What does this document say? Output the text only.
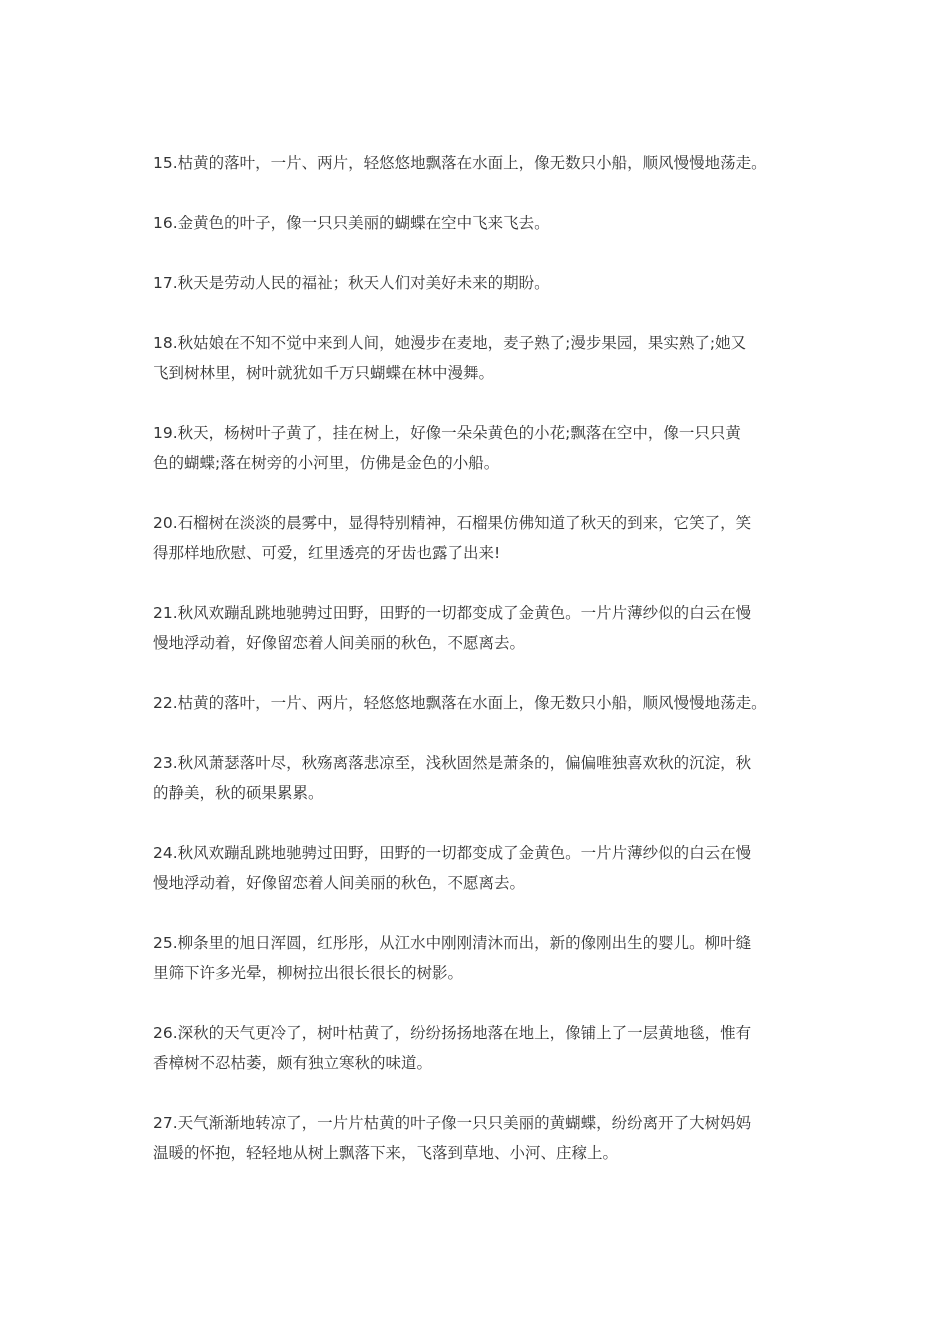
15.枯黄的落叶，一片、两片，轻悠悠地飘落在水面上，像无数只小船，顺风慢慢地荡走。

16.金黄色的叶子，像一只只美丽的蝴蝶在空中飞来飞去。

17.秋天是劳动人民的福祉；秋天人们对美好未来的期盼。

18.秋姑娘在不知不觉中来到人间，她漫步在麦地，麦子熟了;漫步果园，果实熟了;她又
飞到树林里，树叶就犹如千万只蝴蝶在林中漫舞。

19.秋天，杨树叶子黄了，挂在树上，好像一朵朵黄色的小花;飘落在空中，像一只只黄
色的蝴蝶;落在树旁的小河里，仿佛是金色的小船。

20.石榴树在淡淡的晨雾中，显得特别精神，石榴果仿佛知道了秋天的到来，它笑了，笑
得那样地欣慰、可爱，红里透亮的牙齿也露了出来!

21.秋风欢蹦乱跳地驰骋过田野，田野的一切都变成了金黄色。一片片薄纱似的白云在慢
慢地浮动着，好像留恋着人间美丽的秋色，不愿离去。

22.枯黄的落叶，一片、两片，轻悠悠地飘落在水面上，像无数只小船，顺风慢慢地荡走。

23.秋风萧瑟落叶尽，秋殇离落悲凉至，浅秋固然是萧条的，偏偏唯独喜欢秋的沉淀，秋
的静美，秋的硕果累累。

24.秋风欢蹦乱跳地驰骋过田野，田野的一切都变成了金黄色。一片片薄纱似的白云在慢
慢地浮动着，好像留恋着人间美丽的秋色，不愿离去。

25.柳条里的旭日浑圆，红彤彤，从江水中刚刚清沐而出，新的像刚出生的婴儿。柳叶缝
里筛下许多光晕，柳树拉出很长很长的树影。

26.深秋的天气更冷了，树叶枯黄了，纷纷扬扬地落在地上，像铺上了一层黄地毯，惟有
香樟树不忍枯萎，颇有独立寒秋的味道。

27.天气渐渐地转凉了，一片片枯黄的叶子像一只只美丽的黄蝴蝶，纷纷离开了大树妈妈
温暖的怀抱，轻轻地从树上飘落下来，飞落到草地、小河、庄稼上。
